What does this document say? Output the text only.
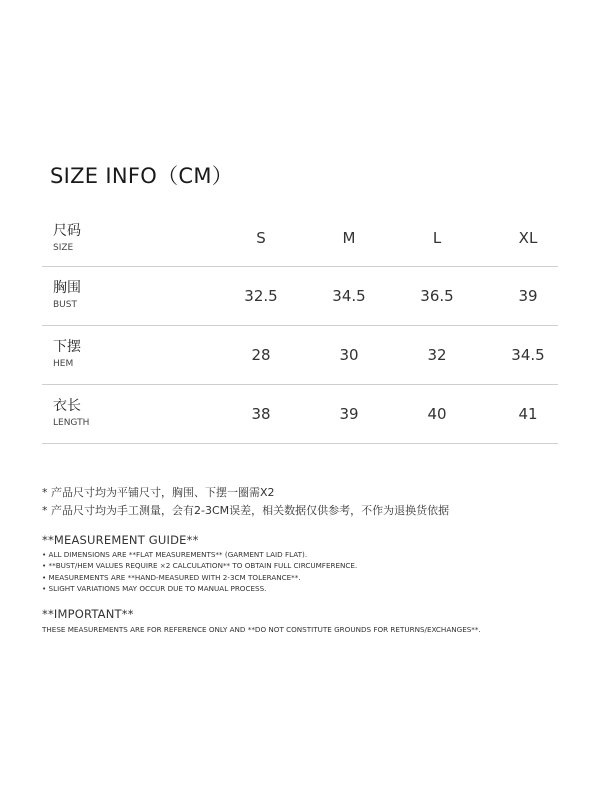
SIZE INFO（CM）
尺码
SIZE
S	M	L	XL
胸围
BUST	32.5	34.5	36.5	39
下摆
HEM	28	30	32	34.5
衣长
LENGTH	38	39	40	41
* 产品尺寸均为平铺尺寸，胸围、下摆一圈需X2
* 产品尺寸均为手工测量，会有2-3CM误差，相关数据仅供参考，不作为退换货依据
**MEASUREMENT GUIDE**
• ALL DIMENSIONS ARE **FLAT MEASUREMENTS** (GARMENT LAID FLAT).
• **BUST/HEM VALUES REQUIRE ×2 CALCULATION** TO OBTAIN FULL CIRCUMFERENCE.
• MEASUREMENTS ARE **HAND-MEASURED WITH 2-3CM TOLERANCE**.
• SLIGHT VARIATIONS MAY OCCUR DUE TO MANUAL PROCESS.
**IMPORTANT**
THESE MEASUREMENTS ARE FOR REFERENCE ONLY AND **DO NOT CONSTITUTE GROUNDS FOR RETURNS/EXCHANGES**.
